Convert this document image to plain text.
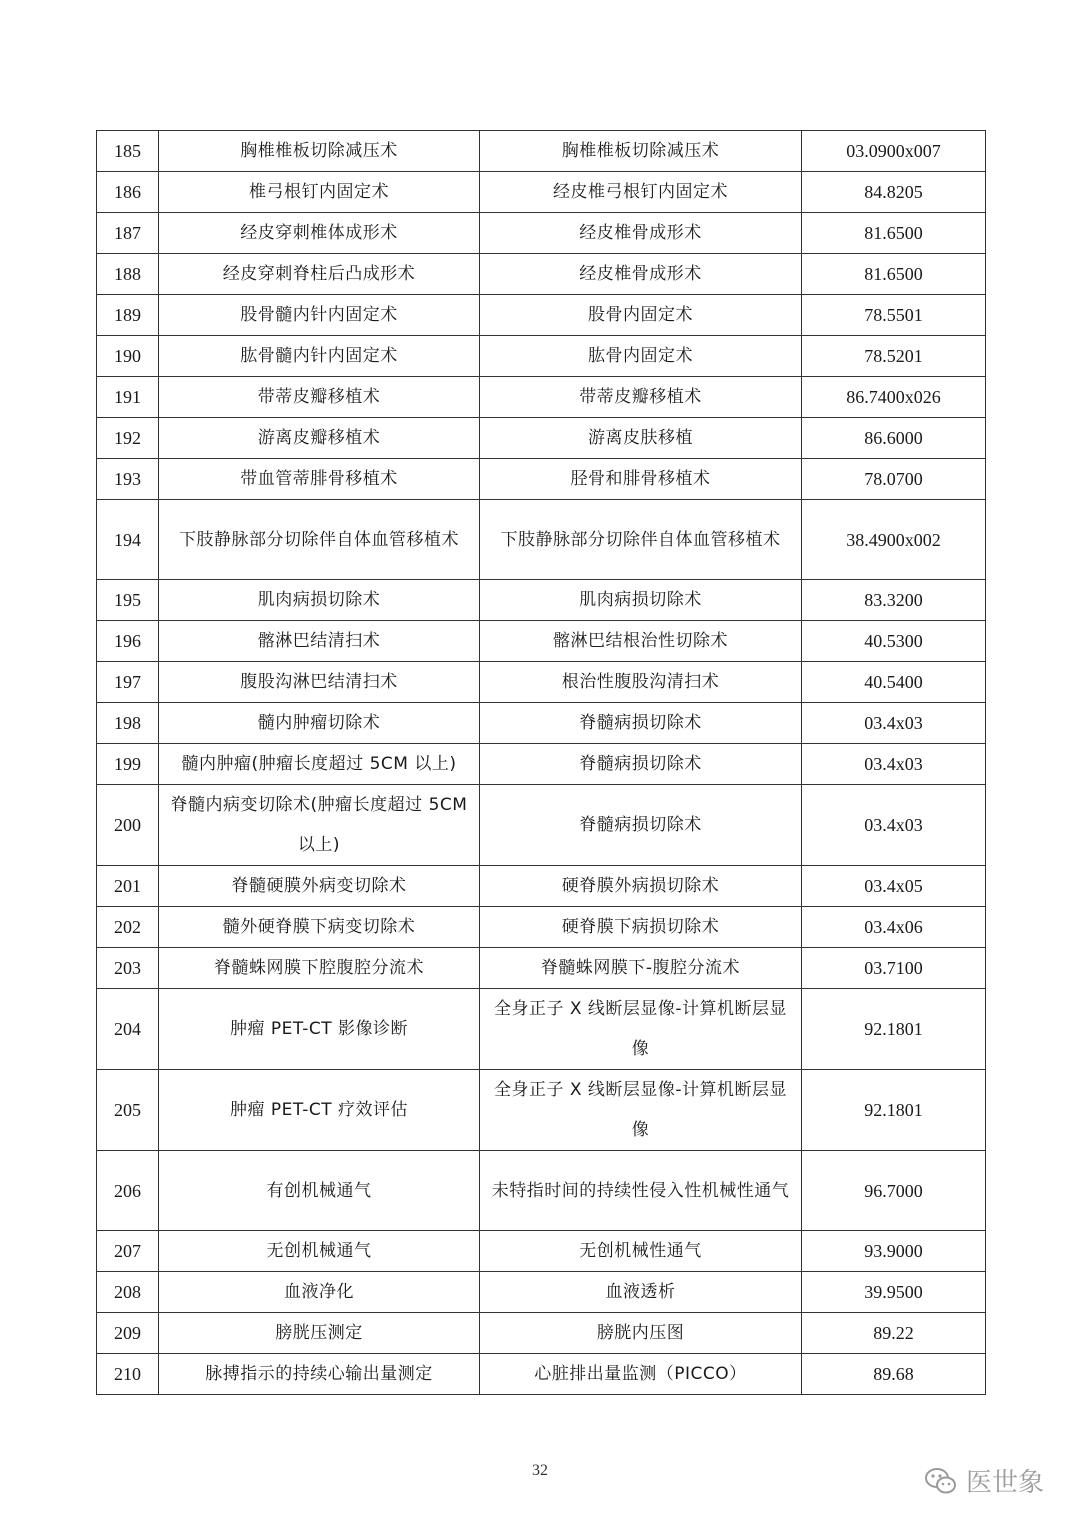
185	胸椎椎板切除减压术	胸椎椎板切除减压术	03.0900x007
186	椎弓根钉内固定术	经皮椎弓根钉内固定术	84.8205
187	经皮穿刺椎体成形术	经皮椎骨成形术	81.6500
188	经皮穿刺脊柱后凸成形术	经皮椎骨成形术	81.6500
189	股骨髓内针内固定术	股骨内固定术	78.5501
190	肱骨髓内针内固定术	肱骨内固定术	78.5201
191	带蒂皮瓣移植术	带蒂皮瓣移植术	86.7400x026
192	游离皮瓣移植术	游离皮肤移植	86.6000
193	带血管蒂腓骨移植术	胫骨和腓骨移植术	78.0700
194	下肢静脉部分切除伴自体血管移植术	下肢静脉部分切除伴自体血管移植术	38.4900x002
195	肌肉病损切除术	肌肉病损切除术	83.3200
196	髂淋巴结清扫术	髂淋巴结根治性切除术	40.5300
197	腹股沟淋巴结清扫术	根治性腹股沟清扫术	40.5400
198	髓内肿瘤切除术	脊髓病损切除术	03.4x03
199	髓内肿瘤(肿瘤长度超过 5CM 以上)	脊髓病损切除术	03.4x03
200	脊髓内病变切除术(肿瘤长度超过 5CM 以上)	脊髓病损切除术	03.4x03
201	脊髓硬膜外病变切除术	硬脊膜外病损切除术	03.4x05
202	髓外硬脊膜下病变切除术	硬脊膜下病损切除术	03.4x06
203	脊髓蛛网膜下腔腹腔分流术	脊髓蛛网膜下-腹腔分流术	03.7100
204	肿瘤 PET-CT 影像诊断	全身正子 X 线断层显像-计算机断层显像	92.1801
205	肿瘤 PET-CT 疗效评估	全身正子 X 线断层显像-计算机断层显像	92.1801
206	有创机械通气	未特指时间的持续性侵入性机械性通气	96.7000
207	无创机械通气	无创机械性通气	93.9000
208	血液净化	血液透析	39.9500
209	膀胱压测定	膀胱内压图	89.22
210	脉搏指示的持续心输出量测定	心脏排出量监测（PICCO）	89.68
32	医世象
